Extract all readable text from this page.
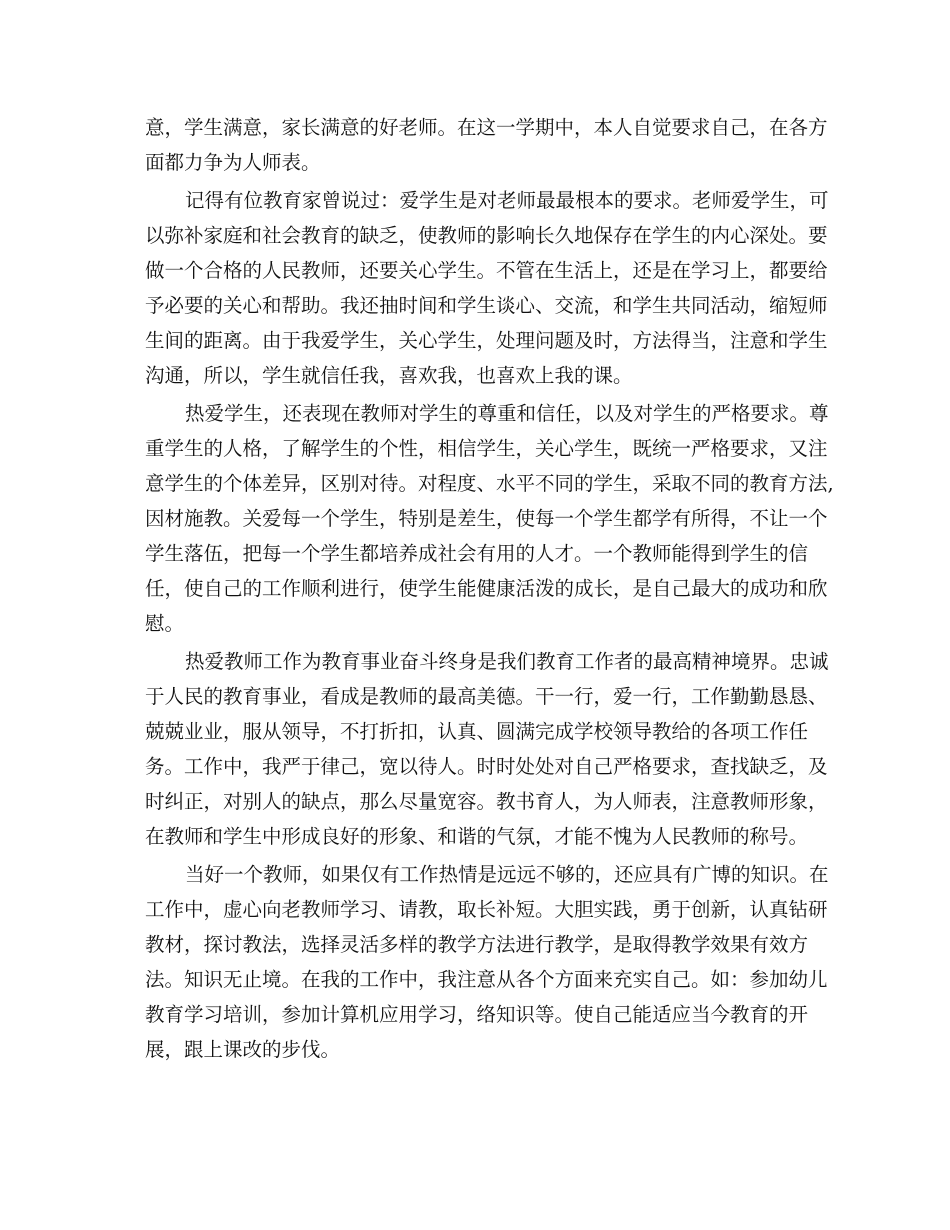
意，学生满意，家长满意的好老师。在这一学期中，本人自觉要求自己，在各方
面都力争为人师表。
记得有位教育家曾说过：爱学生是对老师最最根本的要求。老师爱学生，可
以弥补家庭和社会教育的缺乏，使教师的影响长久地保存在学生的内心深处。要
做一个合格的人民教师，还要关心学生。不管在生活上，还是在学习上，都要给
予必要的关心和帮助。我还抽时间和学生谈心、交流，和学生共同活动，缩短师
生间的距离。由于我爱学生，关心学生，处理问题及时，方法得当，注意和学生
沟通，所以，学生就信任我，喜欢我，也喜欢上我的课。
热爱学生，还表现在教师对学生的尊重和信任，以及对学生的严格要求。尊
重学生的人格，了解学生的个性，相信学生，关心学生，既统一严格要求，又注
意学生的个体差异，区别对待。对程度、水平不同的学生，采取不同的教育方法,
因材施教。关爱每一个学生，特别是差生，使每一个学生都学有所得，不让一个
学生落伍，把每一个学生都培养成社会有用的人才。一个教师能得到学生的信
任，使自己的工作顺利进行，使学生能健康活泼的成长，是自己最大的成功和欣
慰。
热爱教师工作为教育事业奋斗终身是我们教育工作者的最高精神境界。忠诚
于人民的教育事业，看成是教师的最高美德。干一行，爱一行，工作勤勤恳恳、
兢兢业业，服从领导，不打折扣，认真、圆满完成学校领导教给的各项工作任
务。工作中，我严于律己，宽以待人。时时处处对自己严格要求，查找缺乏，及
时纠正，对别人的缺点，那么尽量宽容。教书育人，为人师表，注意教师形象，
在教师和学生中形成良好的形象、和谐的气氛，才能不愧为人民教师的称号。
当好一个教师，如果仅有工作热情是远远不够的，还应具有广博的知识。在
工作中，虚心向老教师学习、请教，取长补短。大胆实践，勇于创新，认真钻研
教材，探讨教法，选择灵活多样的教学方法进行教学，是取得教学效果有效方
法。知识无止境。在我的工作中，我注意从各个方面来充实自己。如：参加幼儿
教育学习培训，参加计算机应用学习，络知识等。使自己能适应当今教育的开
展，跟上课改的步伐。
